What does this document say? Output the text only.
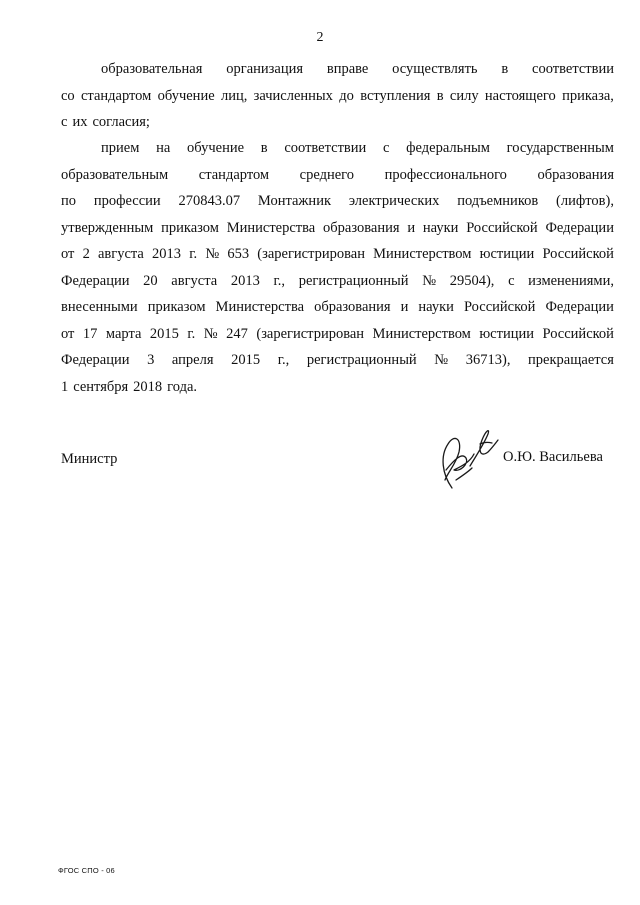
2
образовательная организация вправе осуществлять в соответствии
со стандартом обучение лиц, зачисленных до вступления в силу настоящего приказа,
с их согласия;
прием на обучение в соответствии с федеральным государственным
образовательным стандартом среднего профессионального образования
по профессии 270843.07 Монтажник электрических подъемников (лифтов),
утвержденным приказом Министерства образования и науки Российской Федерации
от 2 августа 2013 г. № 653 (зарегистрирован Министерством юстиции Российской
Федерации 20 августа 2013 г., регистрационный № 29504), с изменениями,
внесенными приказом Министерства образования и науки Российской Федерации
от 17 марта 2015 г. № 247 (зарегистрирован Министерством юстиции Российской
Федерации 3 апреля 2015 г., регистрационный № 36713), прекращается
1 сентября 2018 года.
Министр	О.Ю. Васильева
ФГОС СПО - 06
